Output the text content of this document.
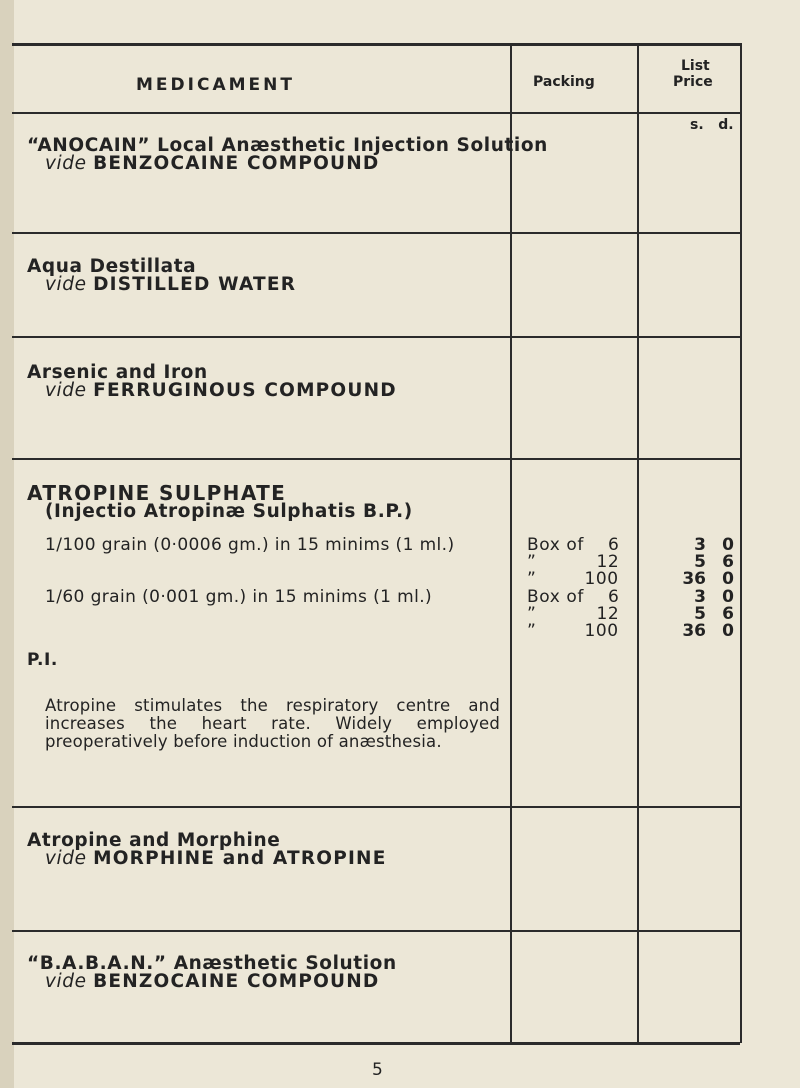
MEDICAMENT	Packing
List
Price
s.   d.
“ANOCAIN” Local Anæsthetic Injection Solution
vide BENZOCAINE COMPOUND
Aqua Destillata
vide DISTILLED WATER
Arsenic and Iron
vide FERRUGINOUS COMPOUND
ATROPINE SULPHATE
(Injectio Atropinæ Sulphatis B.P.)
1/100 grain (0·0006 gm.) in 15 minims (1 ml.)
1/60 grain (0·001 gm.) in 15 minims (1 ml.)
Box of    6
”          12
”        100
Box of    6
”          12
”        100
3 0
5 6
36 0
3 0
5 6
36 0
P.I.
Atropine stimulates the respiratory centre and increases the heart rate. Widely employed preoperatively before induction of anæsthesia.
Atropine and Morphine
vide MORPHINE and ATROPINE
“B.A.B.A.N.” Anæsthetic Solution
vide BENZOCAINE COMPOUND
5
